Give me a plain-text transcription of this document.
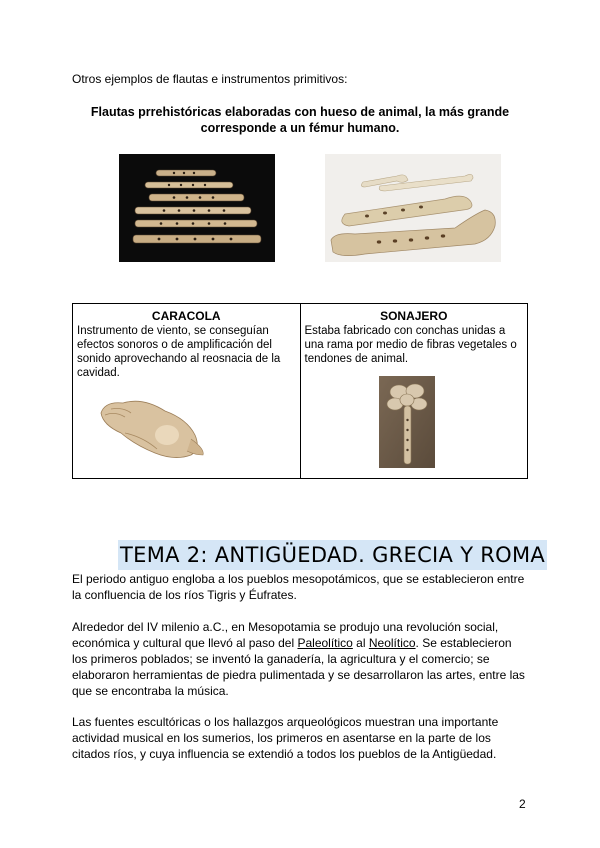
Otros ejemplos de flautas e instrumentos primitivos:
Flautas prrehistóricas elaboradas con hueso de animal, la más grande corresponde a un fémur humano.
CARACOLA
Instrumento de viento, se conseguían efectos sonoros o de amplificación del sonido aprovechando al reosnacia de la cavidad.

SONAJERO
Estaba fabricado con conchas unidas a una rama por medio de fibras vegetales o tendones de animal.
TEMA 2: ANTIGÜEDAD. GRECIA Y ROMA
El periodo antiguo engloba a los pueblos mesopotámicos, que se establecieron entre la confluencia de los ríos Tigris y Éufrates.
Alrededor del IV milenio a.C., en Mesopotamia se produjo una revolución social, económica y cultural que llevó al paso del Paleolítico al Neolítico. Se establecieron los primeros poblados; se inventó la ganadería, la agricultura y el comercio; se elaboraron herramientas de piedra pulimentada y se desarrollaron las artes, entre las que se encontraba la música.
Las fuentes escultóricas o los hallazgos arqueológicos muestran una importante actividad musical en los sumerios, los primeros en asentarse en la parte de los citados ríos, y cuya influencia se extendió a todos los pueblos de la Antigüedad.
2
